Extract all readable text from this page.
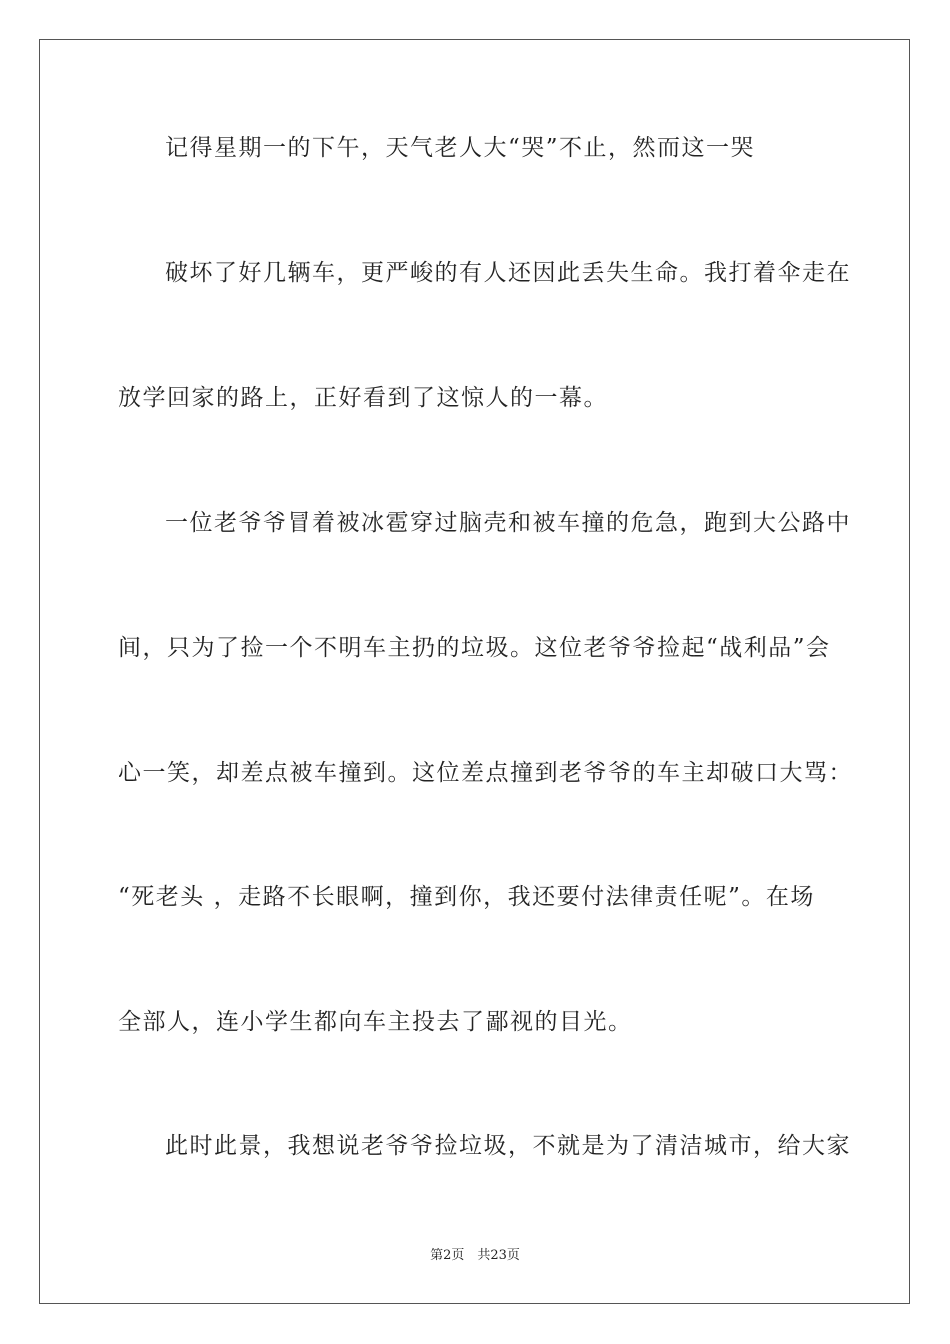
记得星期一的下午，天气老人大“哭”不止，然而这一哭
破坏了好几辆车，更严峻的有人还因此丢失生命。我打着伞走在
放学回家的路上，正好看到了这惊人的一幕。
一位老爷爷冒着被冰雹穿过脑壳和被车撞的危急，跑到大公路中
间，只为了捡一个不明车主扔的垃圾。这位老爷爷捡起“战利品”会
心一笑，却差点被车撞到。这位差点撞到老爷爷的车主却破口大骂：
“死老头 ，走路不长眼啊，撞到你，我还要付法律责任呢”。在场
全部人，连小学生都向车主投去了鄙视的目光。
此时此景，我想说老爷爷捡垃圾，不就是为了清洁城市，给大家
第2页　共23页
